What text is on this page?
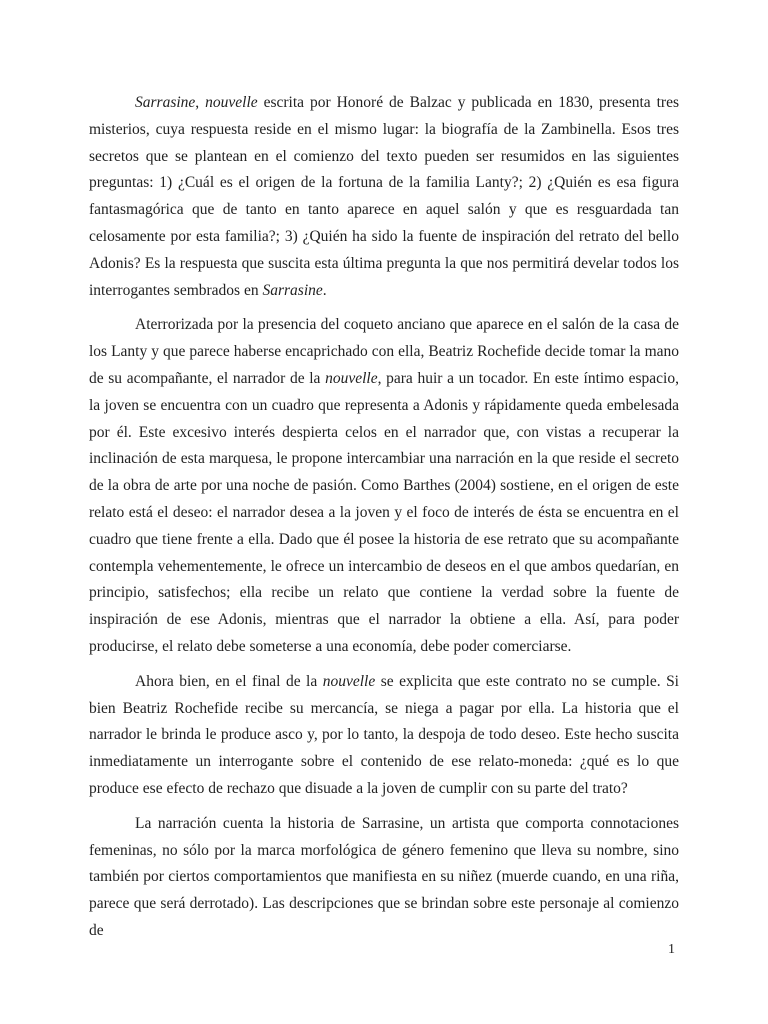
Sarrasine, nouvelle escrita por Honoré de Balzac y publicada en 1830, presenta tres misterios, cuya respuesta reside en el mismo lugar: la biografía de la Zambinella. Esos tres secretos que se plantean en el comienzo del texto pueden ser resumidos en las siguientes preguntas: 1) ¿Cuál es el origen de la fortuna de la familia Lanty?; 2) ¿Quién es esa figura fantasmagórica que de tanto en tanto aparece en aquel salón y que es resguardada tan celosamente por esta familia?; 3) ¿Quién ha sido la fuente de inspiración del retrato del bello Adonis? Es la respuesta que suscita esta última pregunta la que nos permitirá develar todos los interrogantes sembrados en Sarrasine.

Aterrorizada por la presencia del coqueto anciano que aparece en el salón de la casa de los Lanty y que parece haberse encaprichado con ella, Beatriz Rochefide decide tomar la mano de su acompañante, el narrador de la nouvelle, para huir a un tocador. En este íntimo espacio, la joven se encuentra con un cuadro que representa a Adonis y rápidamente queda embelesada por él. Este excesivo interés despierta celos en el narrador que, con vistas a recuperar la inclinación de esta marquesa, le propone intercambiar una narración en la que reside el secreto de la obra de arte por una noche de pasión. Como Barthes (2004) sostiene, en el origen de este relato está el deseo: el narrador desea a la joven y el foco de interés de ésta se encuentra en el cuadro que tiene frente a ella. Dado que él posee la historia de ese retrato que su acompañante contempla vehementemente, le ofrece un intercambio de deseos en el que ambos quedarían, en principio, satisfechos; ella recibe un relato que contiene la verdad sobre la fuente de inspiración de ese Adonis, mientras que el narrador la obtiene a ella. Así, para poder producirse, el relato debe someterse a una economía, debe poder comerciarse.

Ahora bien, en el final de la nouvelle se explicita que este contrato no se cumple. Si bien Beatriz Rochefide recibe su mercancía, se niega a pagar por ella. La historia que el narrador le brinda le produce asco y, por lo tanto, la despoja de todo deseo. Este hecho suscita inmediatamente un interrogante sobre el contenido de ese relato-moneda: ¿qué es lo que produce ese efecto de rechazo que disuade a la joven de cumplir con su parte del trato?

La narración cuenta la historia de Sarrasine, un artista que comporta connotaciones femeninas, no sólo por la marca morfológica de género femenino que lleva su nombre, sino también por ciertos comportamientos que manifiesta en su niñez (muerde cuando, en una riña, parece que será derrotado). Las descripciones que se brindan sobre este personaje al comienzo de

1
